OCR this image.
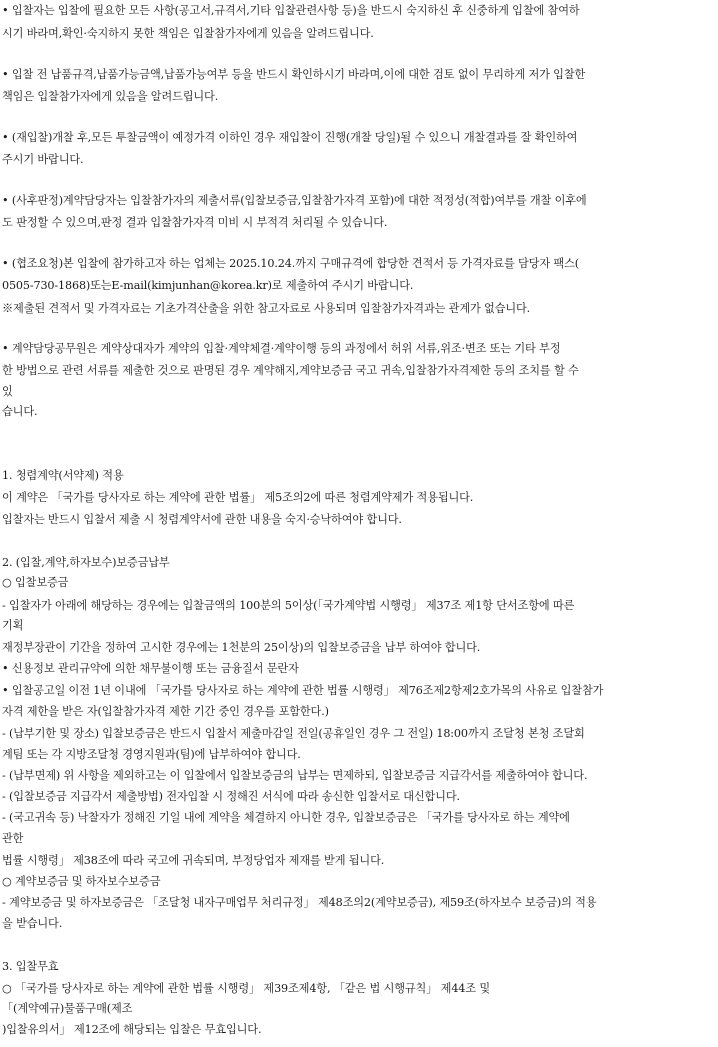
• 입찰자는 입찰에 필요한 모든 사항(공고서,규격서,기타 입찰관련사항 등)을 반드시 숙지하신 후 신중하게 입찰에 참여하
시기 바라며,확인·숙지하지 못한 책임은 입찰참가자에게 있음을 알려드립니다.
• 입찰 전 납품규격,납품가능금액,납품가능여부 등을 반드시 확인하시기 바라며,이에 대한 검토 없이 무리하게 저가 입찰한
책임은 입찰참가자에게 있음을 알려드립니다.
• (재입찰)개찰 후,모든 투찰금액이 예정가격 이하인 경우 재입찰이 진행(개찰 당일)될 수 있으니 개찰결과를 잘 확인하여
주시기 바랍니다.
• (사후판정)계약담당자는 입찰참가자의 제출서류(입찰보증금,입찰참가자격 포함)에 대한 적정성(적합)여부를 개찰 이후에
도 판정할 수 있으며,판정 결과 입찰참가자격 미비 시 부적격 처리될 수 있습니다.
• (협조요청)본 입찰에 참가하고자 하는 업체는 2025.10.24.까지 구매규격에 합당한 견적서 등 가격자료를 담당자 팩스(
0505-730-1868)또는E-mail(kimjunhan@korea.kr)로 제출하여 주시기 바랍니다.
※제출된 견적서 및 가격자료는 기초가격산출을 위한 참고자료로 사용되며 입찰참가자격과는 관계가 없습니다.
• 계약담당공무원은 계약상대자가 계약의 입찰·계약체결·계약이행 등의 과정에서 허위 서류,위조·변조 또는 기타 부정
한 방법으로 관련 서류를 제출한 것으로 판명된 경우 계약해지,계약보증금 국고 귀속,입찰참가자격제한 등의 조치를 할 수
있
습니다.
1. 청렴계약(서약제) 적용
이 계약은 「국가를 당사자로 하는 계약에 관한 법률」 제5조의2에 따른 청렴계약제가 적용됩니다.
입찰자는 반드시 입찰서 제출 시 청렴계약서에 관한 내용을 숙지·승낙하여야 합니다.
2. (입찰,계약,하자보수)보증금납부
○ 입찰보증금
- 입찰자가 아래에 해당하는 경우에는 입찰금액의 100분의 5이상(「국가계약법 시행령」 제37조 제1항 단서조항에 따른
기획
재정부장관이 기간을 정하여 고시한 경우에는 1천분의 25이상)의 입찰보증금을 납부 하여야 합니다.
• 신용정보 관리규약에 의한 채무불이행 또는 금융질서 문란자
• 입찰공고일 이전 1년 이내에 「국가를 당사자로 하는 계약에 관한 법률 시행령」 제76조제2항제2호가목의 사유로 입찰참가
자격 제한을 받은 자(입찰참가자격 제한 기간 중인 경우를 포함한다.)
- (납부기한 및 장소) 입찰보증금은 반드시 입찰서 제출마감일 전일(공휴일인 경우 그 전일) 18:00까지 조달청 본청 조달회
계팀 또는 각 지방조달청 경영지원과(팀)에 납부하여야 합니다.
- (납부면제) 위 사항을 제외하고는 이 입찰에서 입찰보증금의 납부는 면제하되, 입찰보증금 지급각서를 제출하여야 합니다.
- (입찰보증금 지급각서 제출방법) 전자입찰 시 정해진 서식에 따라 송신한 입찰서로 대신합니다.
- (국고귀속 등) 낙찰자가 정해진 기일 내에 계약을 체결하지 아니한 경우, 입찰보증금은 「국가를 당사자로 하는 계약에
관한
법률 시행령」 제38조에 따라 국고에 귀속되며, 부정당업자 제재를 받게 됩니다.
○ 계약보증금 및 하자보수보증금
- 계약보증금 및 하자보증금은 「조달청 내자구매업무 처리규정」 제48조의2(계약보증금), 제59조(하자보수 보증금)의 적용
을 받습니다.
3. 입찰무효
○ 「국가를 당사자로 하는 계약에 관한 법률 시행령」 제39조제4항, 「같은 법 시행규칙」 제44조 및
「(계약예규)물품구매(제조
)입찰유의서」 제12조에 해당되는 입찰은 무효입니다.
